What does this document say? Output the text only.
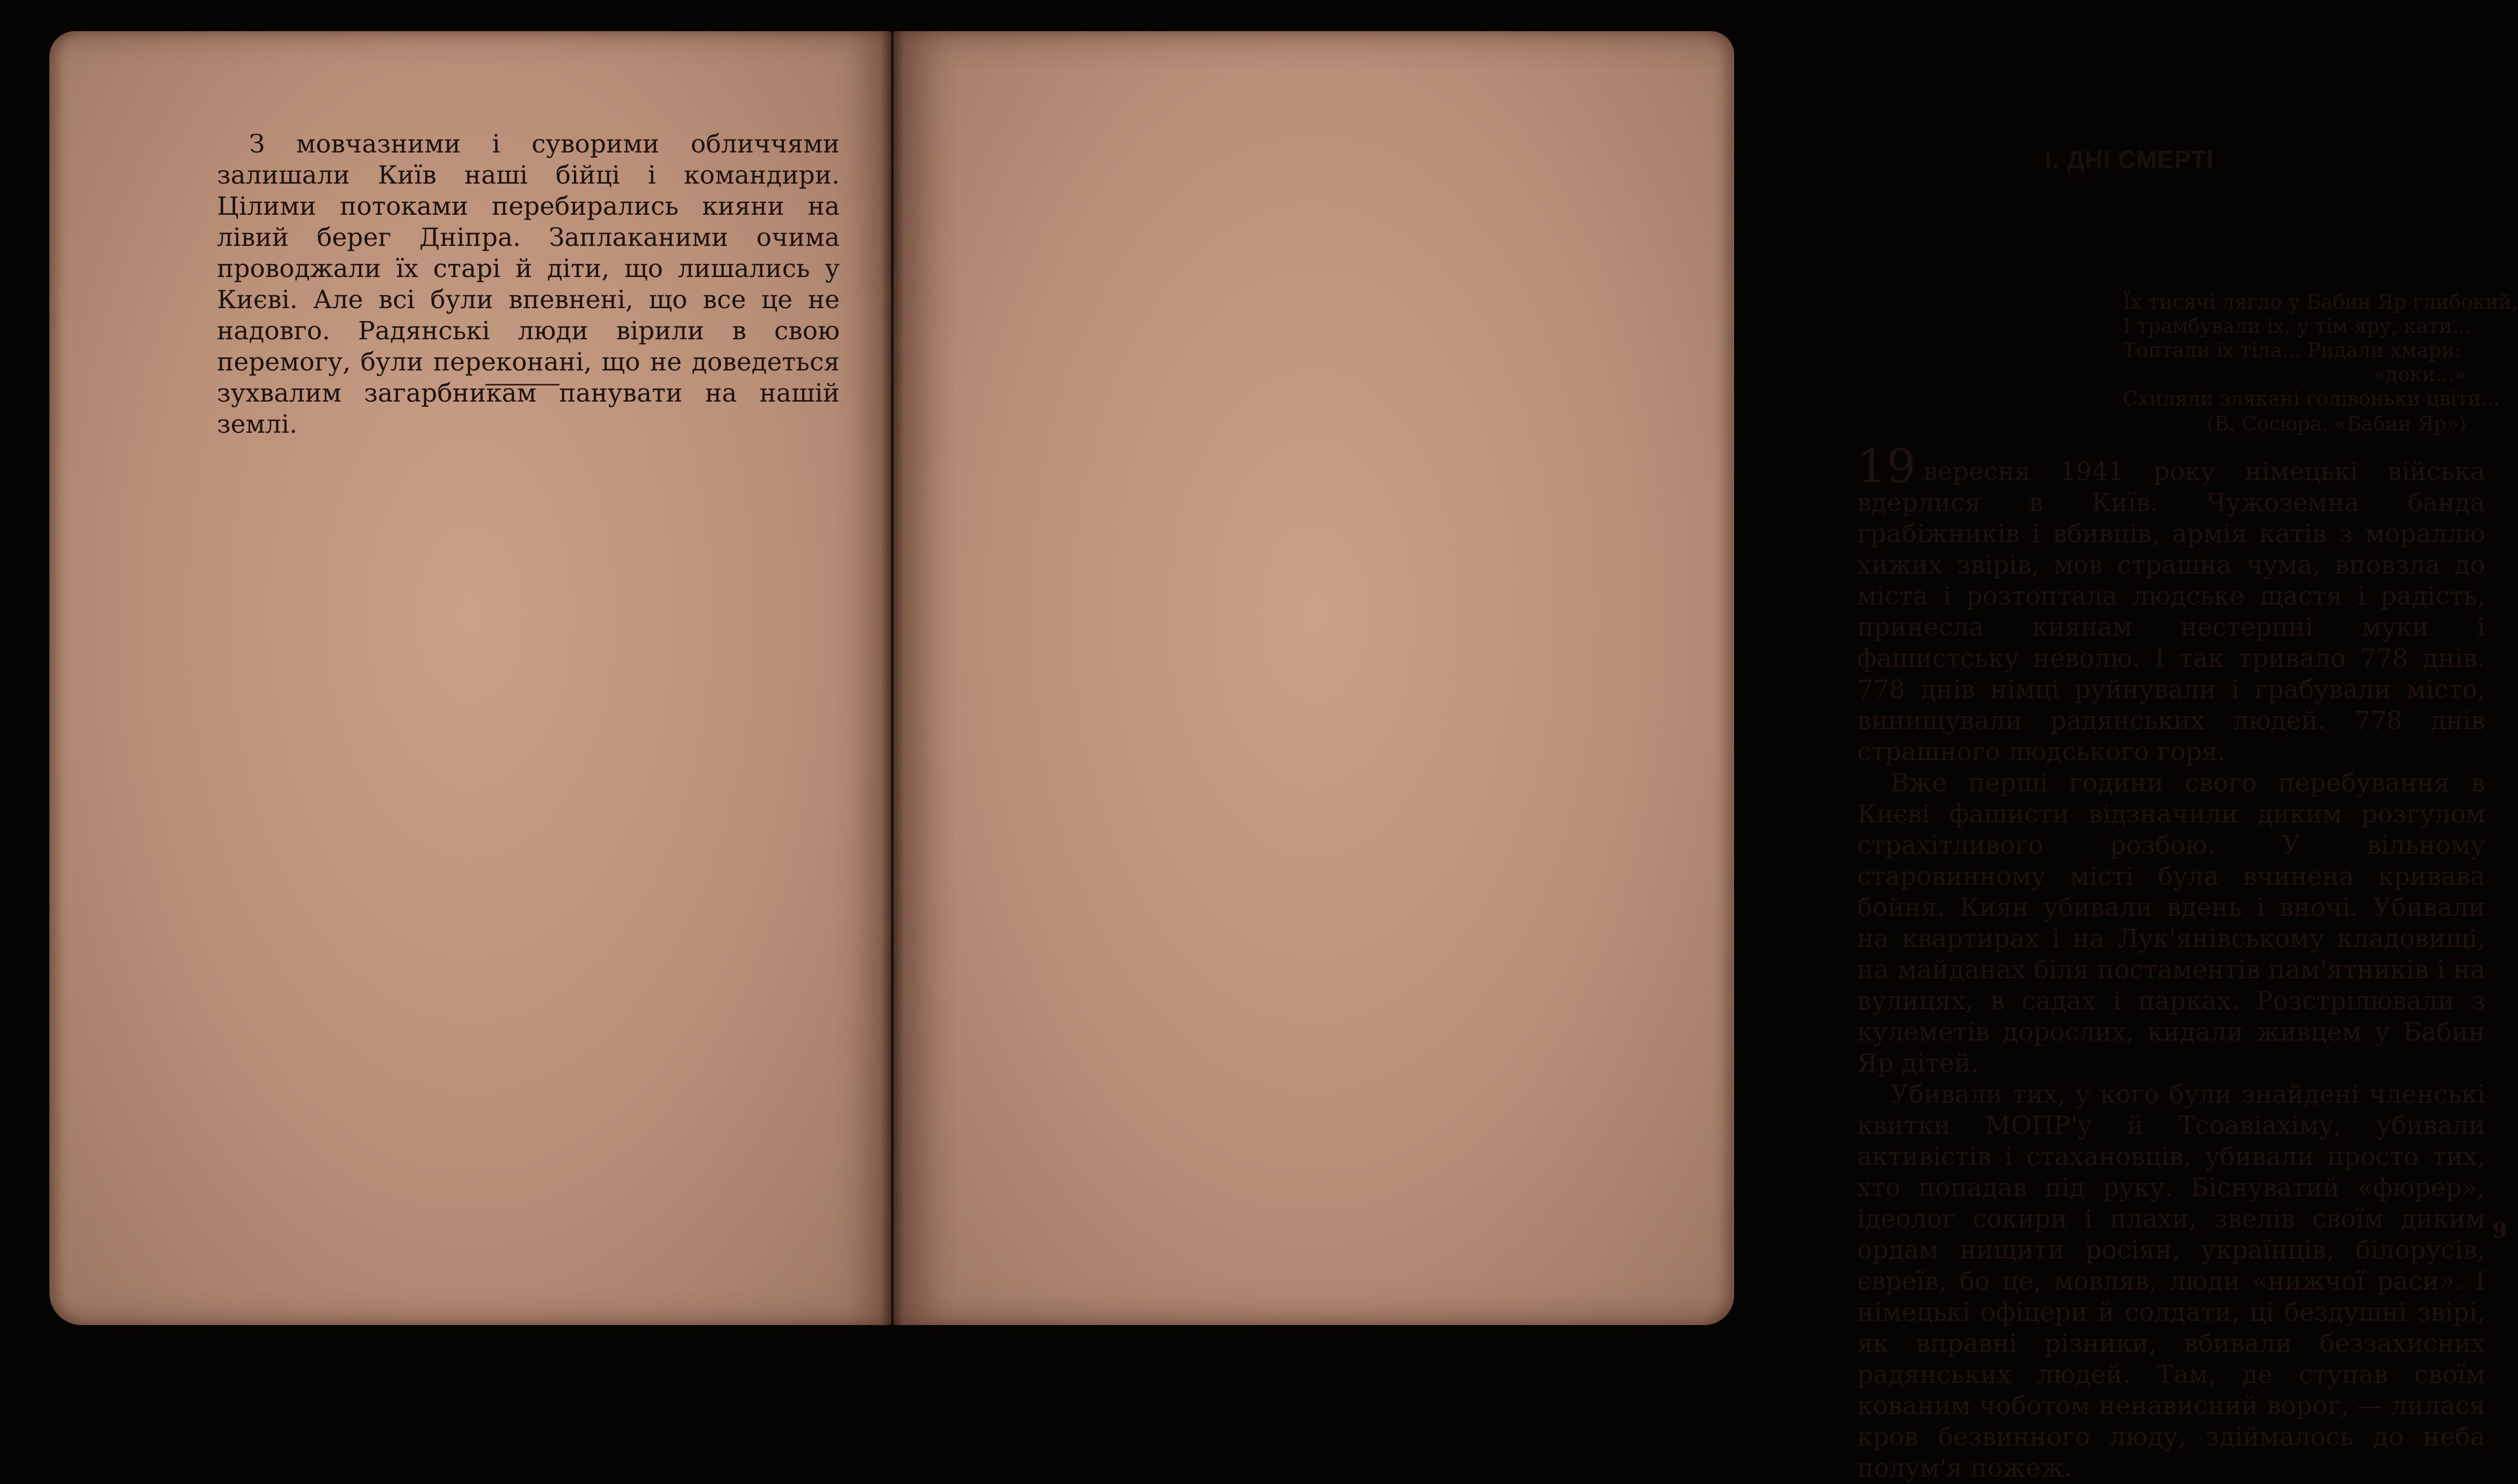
З мовчазними і суворими обличчями залишали Київ наші бійці і командири. Цілими потоками перебирались кияни на лівий берег Дніпра. Заплаканими очима проводжали їх старі й діти, що лишались у Києві. Але всі були впевнені, що все це не надовго. Радянські люди вірили в свою перемогу, були переконані, що не доведеться зухвалим загарбникам панувати на нашій землі.
І. ДНІ СМЕРТІ
Їх тисячі лягло у Бабин Яр глибокий,
І трамбували їх, у тім яру, кати...
Топтали їх тіла... Ридали хмари:
«доки...»
Схиляли злякані голівоньки цвіти...
(В. Сосюра. «Бабин Яр»)

19 вересня 1941 року німецькі війська вдерлися в Київ. Чужоземна банда грабіжників і вбивців, армія катів з мораллю хижих звірів, мов страшна чума, вповзла до міста і розтоптала людське щастя і радість, принесла киянам нестерпні муки і фашистську неволю. І так тривало 778 днів. 778 днів німці руйнували і грабували місто, винищували радянських людей. 778 днів страшного людського горя.

Вже перші години свого перебування в Києві фашисти відзначили диким розгулом страхітливого розбою. У вільному старовинному місті була вчинена кривава бойня. Киян убивали вдень і вночі. Убивали на квартирах і на Лук'янівському кладовищі, на майданах біля постаментів пам'ятників і на вулицях, в садах і парках. Розстрілювали з кулеметів дорослих, кидали живцем у Бабин Яр дітей.

Убивали тих, у кого були знайдені членські квитки МОПР'у й Тсоавіахіму, убивали активістів і стахановців, убивали просто тих, хто попадав під руку. Біснуватий «фюрер», ідеолог сокири і плахи, звелів своїм диким ордам нищити росіян, українців, білорусів, євреїв, бо це, мовляв, люди «нижчої раси». І німецькі офіцери й солдати, ці бездушні звірі, як вправні різники, вбивали беззахисних радянських людей. Там, де ступав своїм кованим чоботом ненависний ворог, — лилася кров безвинного люду, здіймалось до неба полум'я пожеж.

9
